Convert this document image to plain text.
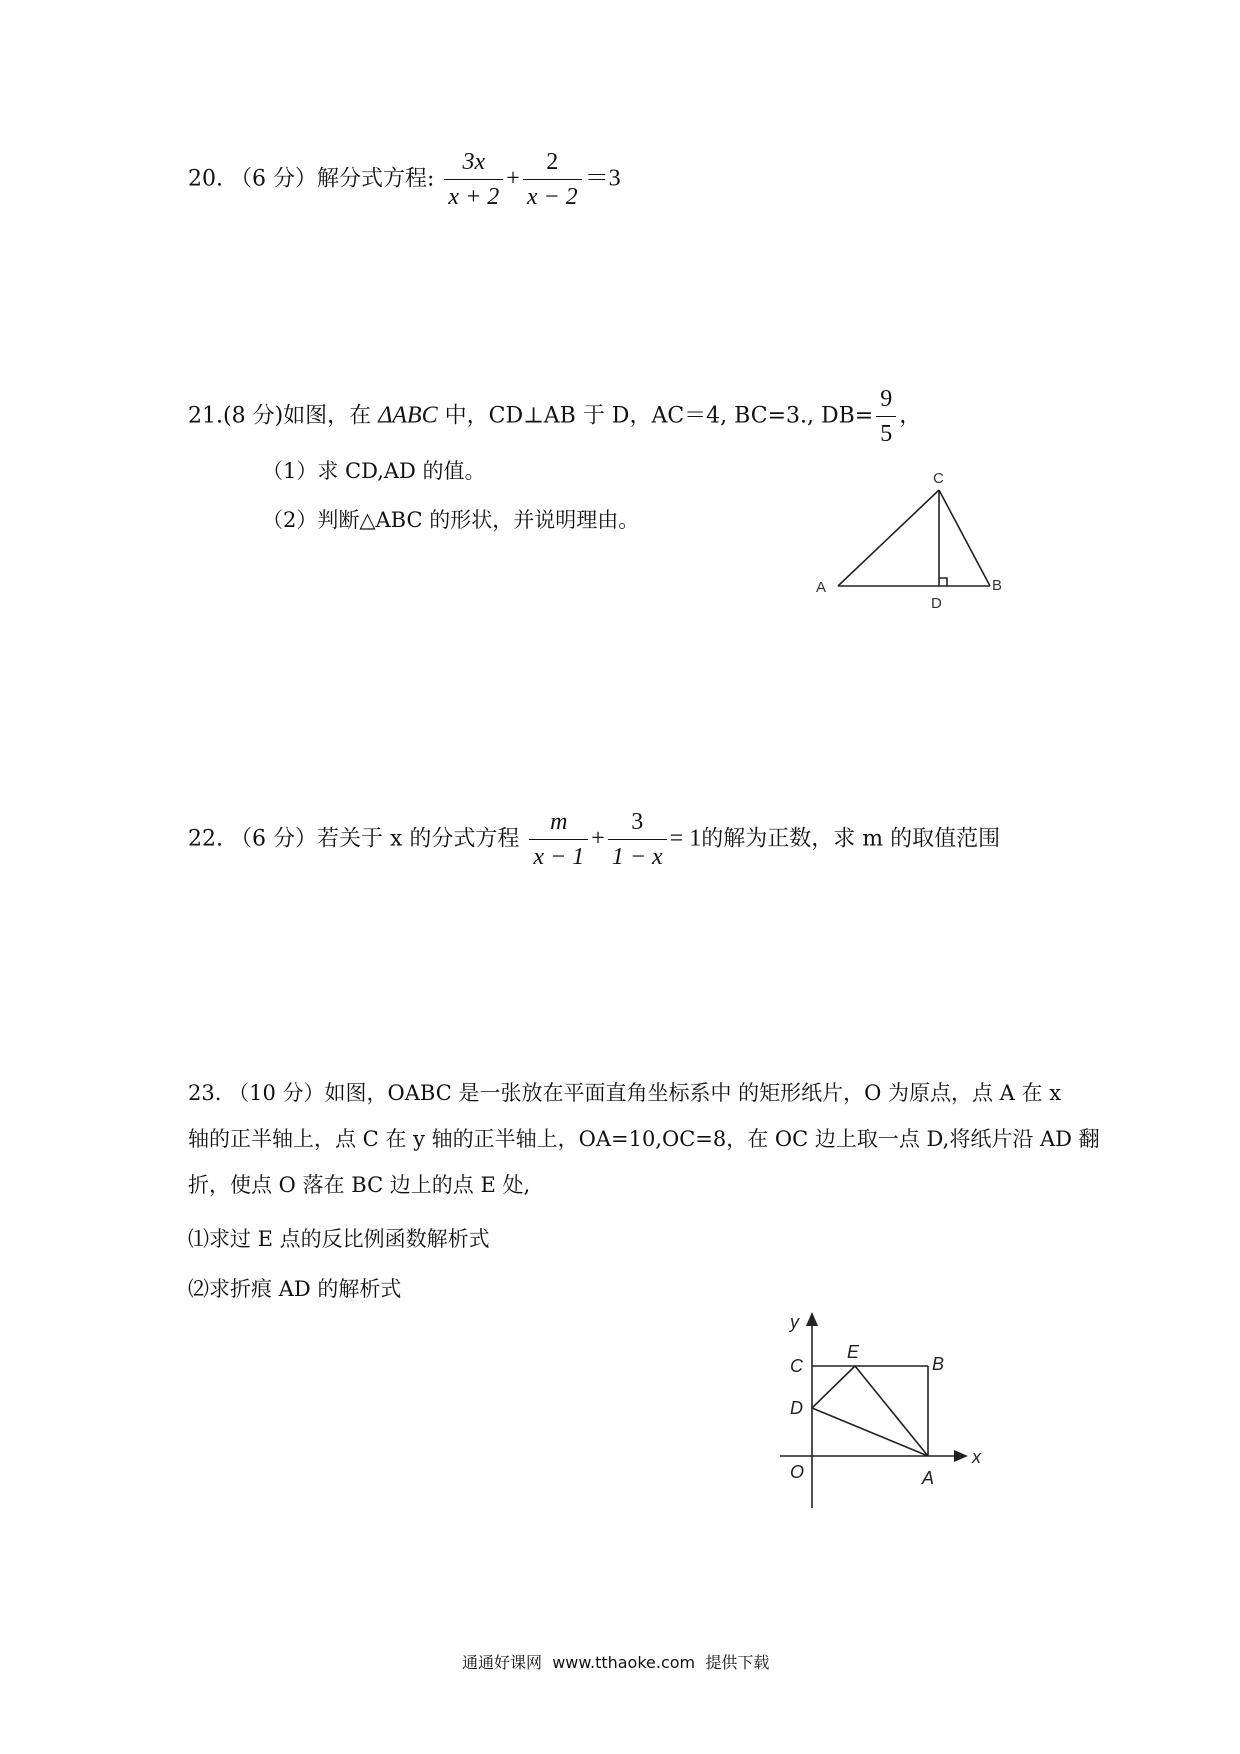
20. （6 分）解分式方程: $\frac{3x}{x + 2} + \frac{2}{x - 2} =3$
21.(8 分)如图，在 ΔABC 中，CD⊥AB 于 D，AC＝4, BC=3., $DB= \frac{9}{5}$ ，
（1）求 CD,AD 的值。
（2）判断△ABC 的形状，并说明理由。
A	B
C
D
22. （6 分）若关于 x 的分式方程 $\frac{m}{x - 1} + \frac{3}{1 - x} = 1$的解为正数，求 m 的取值范围
23. （10 分）如图，OABC 是一张放在平面直角坐标系中 的矩形纸片，O 为原点，点 A 在 x
轴的正半轴上，点 C 在 y 轴的正半轴上，OA=10,OC=8，在 OC 边上取一点 D,将纸片沿 AD 翻
折，使点 O 落在 BC 边上的点 E 处,
⑴求过 E 点的反比例函数解析式
⑵求折痕 AD 的解析式
y
x
C
E
B
D
O	A
通通好课网 www.tthaoke.com 提供下载
